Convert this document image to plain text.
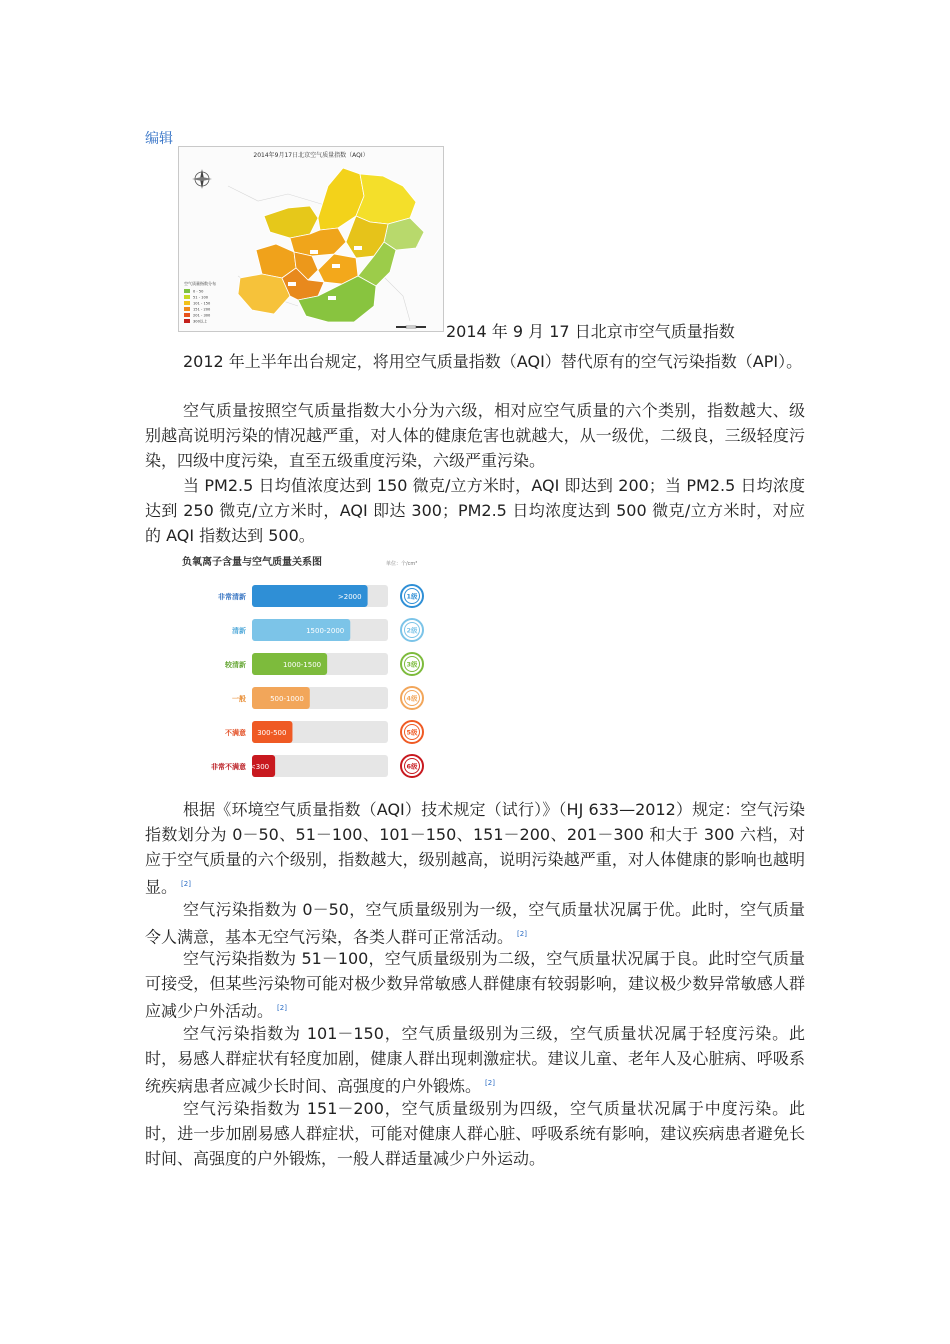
编辑
2014年9月17日北京空气质量指数（AQI）
空气质量指数分布
0 - 50
51 - 100
101 - 150
151 - 200
201 - 300
300以上
2014 年 9 月 17 日北京市空气质量指数

2012 年上半年出台规定，将用空气质量指数（AQI）替代原有的空气污染指数（API）。

空气质量按照空气质量指数大小分为六级，相对应空气质量的六个类别，指数越大、级别越高说明污染的情况越严重，对人体的健康危害也就越大，从一级优，二级良，三级轻度污染，四级中度污染，直至五级重度污染，六级严重污染。

当 PM2.5 日均值浓度达到 150 微克/立方米时，AQI 即达到 200；当 PM2.5 日均浓度达到 250 微克/立方米时，AQI 即达 300；PM2.5 日均浓度达到 500 微克/立方米时，对应的 AQI 指数达到 500。

负氧离子含量与空气质量关系图	单位：个/cm³
非常清新	>2000	1级
清新	1500-2000	2级
较清新	1000-1500	3级
一般	500-1000	4级
不满意 300-500	5级
非常不满意 <300	6级

根据《环境空气质量指数（AQI）技术规定（试行）》（HJ 633—2012）规定：空气污染指数划分为 0－50、51－100、101－150、151－200、201－300 和大于 300 六档，对应于空气质量的六个级别，指数越大，级别越高，说明污染越严重，对人体健康的影响也越明显。 [2]

空气污染指数为 0－50，空气质量级别为一级，空气质量状况属于优。此时，空气质量令人满意，基本无空气污染，各类人群可正常活动。 [2]

空气污染指数为 51－100，空气质量级别为二级，空气质量状况属于良。此时空气质量可接受，但某些污染物可能对极少数异常敏感人群健康有较弱影响，建议极少数异常敏感人群应减少户外活动。 [2]

空气污染指数为 101－150，空气质量级别为三级，空气质量状况属于轻度污染。此时，易感人群症状有轻度加剧，健康人群出现刺激症状。建议儿童、老年人及心脏病、呼吸系统疾病患者应减少长时间、高强度的户外锻炼。 [2]

空气污染指数为 151－200，空气质量级别为四级，空气质量状况属于中度污染。此时，进一步加剧易感人群症状，可能对健康人群心脏、呼吸系统有影响，建议疾病患者避免长时间、高强度的户外锻炼，一般人群适量减少户外运动。
